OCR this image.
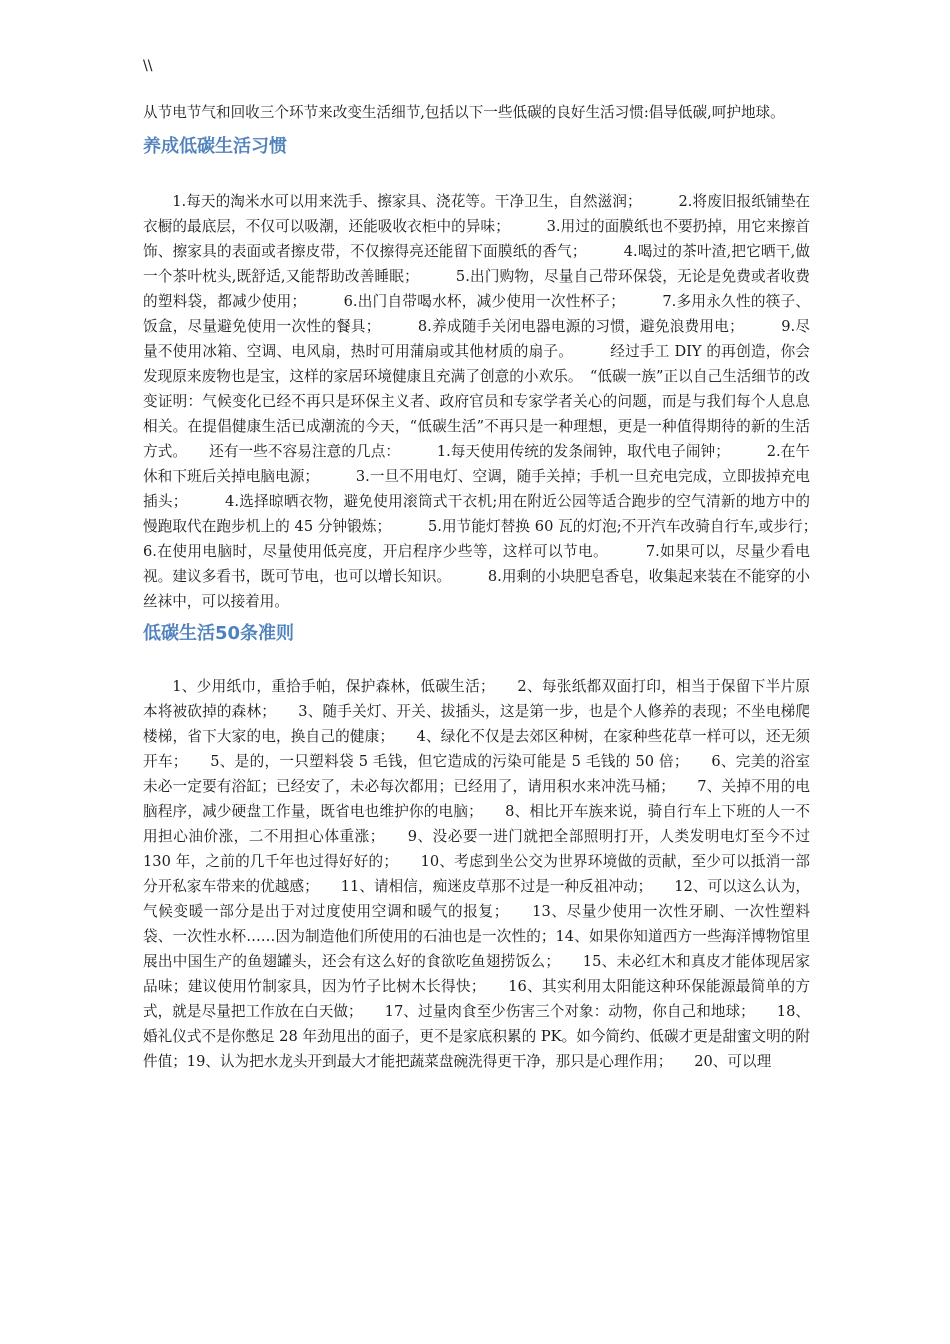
\\

从节电节气和回收三个环节来改变生活细节,包括以下一些低碳的良好生活习惯:倡导低碳,呵护地球。

养成低碳生活习惯

1.每天的淘米水可以用来洗手、擦家具、浇花等。干净卫生，自然滋润；　　　2.将废旧报纸铺垫在衣橱的最底层，不仅可以吸潮，还能吸收衣柜中的异味；　　　3.用过的面膜纸也不要扔掉，用它来擦首饰、擦家具的表面或者擦皮带，不仅擦得亮还能留下面膜纸的香气；　　　4.喝过的茶叶渣,把它晒干,做一个茶叶枕头,既舒适,又能帮助改善睡眠；　　　5.出门购物，尽量自己带环保袋，无论是免费或者收费的塑料袋，都减少使用；　　　6.出门自带喝水杯，减少使用一次性杯子；　　　7.多用永久性的筷子、饭盒，尽量避免使用一次性的餐具；　　　8.养成随手关闭电器电源的习惯，避免浪费用电；　　　9.尽量不使用冰箱、空调、电风扇，热时可用蒲扇或其他材质的扇子。　　　经过手工 DIY 的再创造，你会发现原来废物也是宝，这样的家居环境健康且充满了创意的小欢乐。　“低碳一族”正以自己生活细节的改变证明：气候变化已经不再只是环保主义者、政府官员和专家学者关心的问题，而是与我们每个人息息相关。在提倡健康生活已成潮流的今天，“低碳生活”不再只是一种理想，更是一种值得期待的新的生活方式。　　还有一些不容易注意的几点：　　　1.每天使用传统的发条闹钟，取代电子闹钟；　　　2.在午休和下班后关掉电脑电源；　　　3.一旦不用电灯、空调，随手关掉；手机一旦充电完成，立即拔掉充电插头；　　　4.选择晾晒衣物，避免使用滚筒式干衣机;用在附近公园等适合跑步的空气清新的地方中的慢跑取代在跑步机上的 45 分钟锻炼；　　　5.用节能灯替换 60 瓦的灯泡;不开汽车改骑自行车,或步行；　　　6.在使用电脑时，尽量使用低亮度，开启程序少些等，这样可以节电。　　　7.如果可以，尽量少看电视。建议多看书，既可节电，也可以增长知识。　　　8.用剩的小块肥皂香皂，收集起来装在不能穿的小丝袜中，可以接着用。

低碳生活50条准则

1、少用纸巾，重拾手帕，保护森林，低碳生活；　　2、每张纸都双面打印，相当于保留下半片原本将被砍掉的森林；　　3、随手关灯、开关、拔插头，这是第一步，也是个人修养的表现；不坐电梯爬楼梯，省下大家的电，换自己的健康；　　4、绿化不仅是去郊区种树，在家种些花草一样可以，还无须开车；　　5、是的，一只塑料袋 5 毛钱，但它造成的污染可能是 5 毛钱的 50 倍；　　6、完美的浴室未必一定要有浴缸；已经安了，未必每次都用；已经用了，请用积水来冲洗马桶；　　7、关掉不用的电脑程序，减少硬盘工作量，既省电也维护你的电脑；　　8、相比开车族来说，骑自行车上下班的人一不用担心油价涨，二不用担心体重涨；　　9、没必要一进门就把全部照明打开，人类发明电灯至今不过 130 年，之前的几千年也过得好好的；　　10、考虑到坐公交为世界环境做的贡献，至少可以抵消一部分开私家车带来的优越感；　　11、请相信，痴迷皮草那不过是一种反祖冲动；　　12、可以这么认为，气候变暖一部分是出于对过度使用空调和暖气的报复；　　13、尽量少使用一次性牙刷、一次性塑料袋、一次性水杯……因为制造他们所使用的石油也是一次性的；14、如果你知道西方一些海洋博物馆里展出中国生产的鱼翅罐头，还会有这么好的食欲吃鱼翅捞饭么；　　15、未必红木和真皮才能体现居家品味；建议使用竹制家具，因为竹子比树木长得快；　　16、其实利用太阳能这种环保能源最简单的方式，就是尽量把工作放在白天做；　　17、过量肉食至少伤害三个对象：动物，你自己和地球；　　18、婚礼仪式不是你憋足 28 年劲甩出的面子，更不是家底积累的 PK。如今简约、低碳才更是甜蜜文明的附件值；19、认为把水龙头开到最大才能把蔬菜盘碗洗得更干净，那只是心理作用；　　20、可以理
